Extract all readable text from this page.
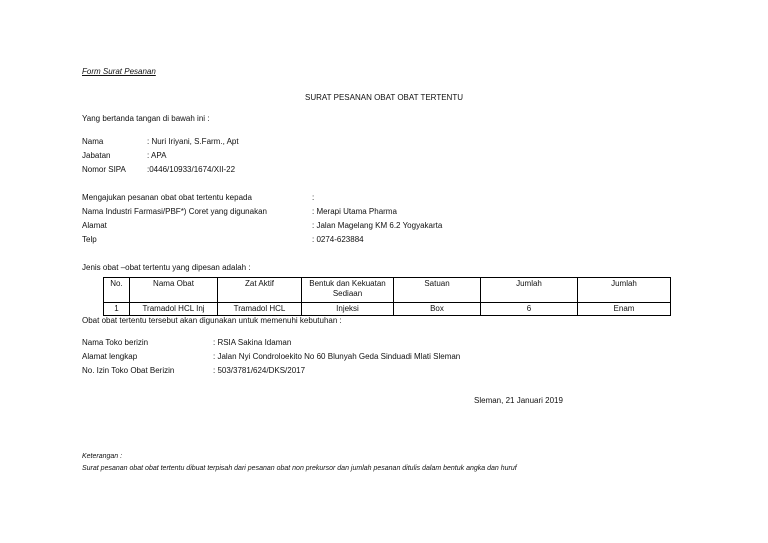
Form Surat Pesanan
SURAT PESANAN OBAT OBAT TERTENTU
Yang bertanda tangan di bawah ini :
Nama	: Nuri Iriyani, S.Farm., Apt
Jabatan	: APA
Nomor SIPA	:0446/10933/1674/XII-22
Mengajukan pesanan obat obat tertentu kepada	:
Nama Industri Farmasi/PBF*) Coret yang digunakan	: Merapi Utama Pharma
Alamat	: Jalan Magelang KM 6.2 Yogyakarta
Telp	: 0274-623884
Jenis obat –obat tertentu yang dipesan adalah :
No.	Nama Obat	Zat Aktif	Bentuk dan Kekuatan Sediaan	Satuan	Jumlah	Jumlah
1	Tramadol HCL Inj	Tramadol HCL	Injeksi	Box	6	Enam
Obat obat tertentu tersebut akan digunakan untuk memenuhi kebutuhan :
Nama Toko berizin	: RSIA Sakina Idaman
Alamat lengkap	: Jalan Nyi Condroloekito No 60 Blunyah Geda Sinduadi Mlati Sleman
No. Izin Toko Obat Berizin	: 503/3781/624/DKS/2017
Sleman, 21 Januari 2019
Keterangan :
Surat pesanan obat obat tertentu dibuat terpisah dari pesanan obat non prekursor dan jumlah pesanan ditulis dalam bentuk angka dan huruf
